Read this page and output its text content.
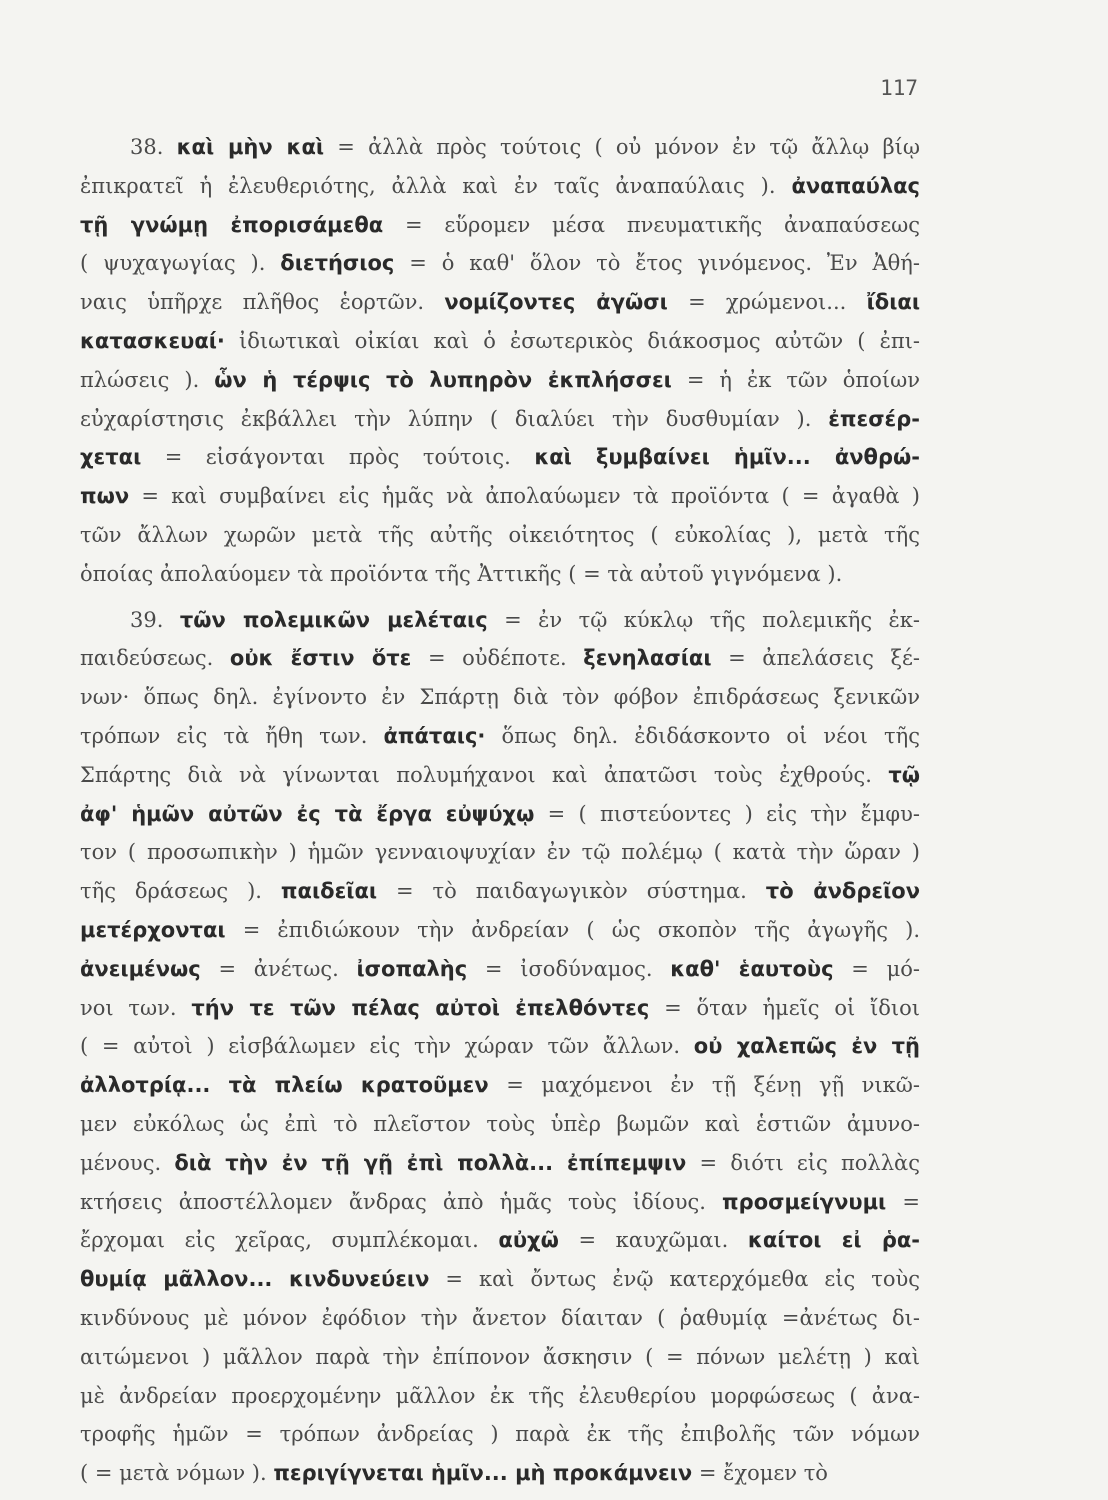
117
38. καὶ μὴν καὶ = ἀλλὰ πρὸς τούτοις ( οὐ μόνον ἐν τῷ ἄλλῳ βίῳ
ἐπικρατεῖ ἡ ἐλευθεριότης, ἀλλὰ καὶ ἐν ταῖς ἀναπαύλαις ). ἀναπαύλας
τῇ γνώμῃ ἐπορισάμεθα = εὕρομεν μέσα πνευματικῆς ἀναπαύσεως
( ψυχαγωγίας ). διετήσιος = ὁ καθ' ὅλον τὸ ἔτος γινόμενος. Ἐν Ἀθή-
ναις ὑπῆρχε πλῆθος ἑορτῶν. νομίζοντες ἀγῶσι = χρώμενοι... ἴδιαι
κατασκευαί· ἰδιωτικαὶ οἰκίαι καὶ ὁ ἐσωτερικὸς διάκοσμος αὐτῶν ( ἐπι-
πλώσεις ). ὧν ἡ τέρψις τὸ λυπηρὸν ἐκπλήσσει = ἡ ἐκ τῶν ὁποίων
εὐχαρίστησις ἐκβάλλει τὴν λύπην ( διαλύει τὴν δυσθυμίαν ). ἐπεσέρ-
χεται = εἰσάγονται πρὸς τούτοις. καὶ ξυμβαίνει ἡμῖν... ἀνθρώ-
πων = καὶ συμβαίνει εἰς ἡμᾶς νὰ ἀπολαύωμεν τὰ προϊόντα ( = ἀγαθὰ )
τῶν ἄλλων χωρῶν μετὰ τῆς αὐτῆς οἰκειότητος ( εὐκολίας ), μετὰ τῆς
ὁποίας ἀπολαύομεν τὰ προϊόντα τῆς Ἀττικῆς ( = τὰ αὐτοῦ γιγνόμενα ).
39. τῶν πολεμικῶν μελέταις = ἐν τῷ κύκλῳ τῆς πολεμικῆς ἐκ-
παιδεύσεως. οὐκ ἔστιν ὅτε = οὐδέποτε. ξενηλασίαι = ἀπελάσεις ξέ-
νων· ὅπως δηλ. ἐγίνοντο ἐν Σπάρτῃ διὰ τὸν φόβον ἐπιδράσεως ξενικῶν
τρόπων εἰς τὰ ἤθη των. ἀπάταις· ὅπως δηλ. ἐδιδάσκοντο οἱ νέοι τῆς
Σπάρτης διὰ νὰ γίνωνται πολυμήχανοι καὶ ἀπατῶσι τοὺς ἐχθρούς. τῷ
ἀφ' ἡμῶν αὐτῶν ἐς τὰ ἔργα εὐψύχῳ = ( πιστεύοντες ) εἰς τὴν ἔμφυ-
τον ( προσωπικὴν ) ἡμῶν γενναιοψυχίαν ἐν τῷ πολέμῳ ( κατὰ τὴν ὥραν )
τῆς δράσεως ). παιδεῖαι = τὸ παιδαγωγικὸν σύστημα. τὸ ἀνδρεῖον
μετέρχονται = ἐπιδιώκουν τὴν ἀνδρείαν ( ὡς σκοπὸν τῆς ἀγωγῆς ).
ἀνειμένως = ἀνέτως. ἰσοπαλὴς = ἰσοδύναμος. καθ' ἑαυτοὺς = μό-
νοι των. τήν τε τῶν πέλας αὐτοὶ ἐπελθόντες = ὅταν ἡμεῖς οἱ ἴδιοι
( = αὐτοὶ ) εἰσβάλωμεν εἰς τὴν χώραν τῶν ἄλλων. οὐ χαλεπῶς ἐν τῇ
ἀλλοτρίᾳ... τὰ πλείω κρατοῦμεν = μαχόμενοι ἐν τῇ ξένῃ γῇ νικῶ-
μεν εὐκόλως ὡς ἐπὶ τὸ πλεῖστον τοὺς ὑπὲρ βωμῶν καὶ ἑστιῶν ἀμυνο-
μένους. διὰ τὴν ἐν τῇ γῇ ἐπὶ πολλὰ... ἐπίπεμψιν = διότι εἰς πολλὰς
κτήσεις ἀποστέλλομεν ἄνδρας ἀπὸ ἡμᾶς τοὺς ἰδίους. προσμείγνυμι =
ἔρχομαι εἰς χεῖρας, συμπλέκομαι. αὐχῶ = καυχῶμαι. καίτοι εἰ ῥα-
θυμίᾳ μᾶλλον... κινδυνεύειν = καὶ ὄντως ἐνῷ κατερχόμεθα εἰς τοὺς
κινδύνους μὲ μόνον ἐφόδιον τὴν ἄνετον δίαιταν ( ῥαθυμίᾳ =ἀνέτως δι-
αιτώμενοι ) μᾶλλον παρὰ τὴν ἐπίπονον ἄσκησιν ( = πόνων μελέτῃ ) καὶ
μὲ ἀνδρείαν προερχομένην μᾶλλον ἐκ τῆς ἐλευθερίου μορφώσεως ( ἀνα-
τροφῆς ἡμῶν = τρόπων ἀνδρείας ) παρὰ ἐκ τῆς ἐπιβολῆς τῶν νόμων
( = μετὰ νόμων ). περιγίγνεται ἡμῖν... μὴ προκάμνειν = ἔχομεν τὸ
